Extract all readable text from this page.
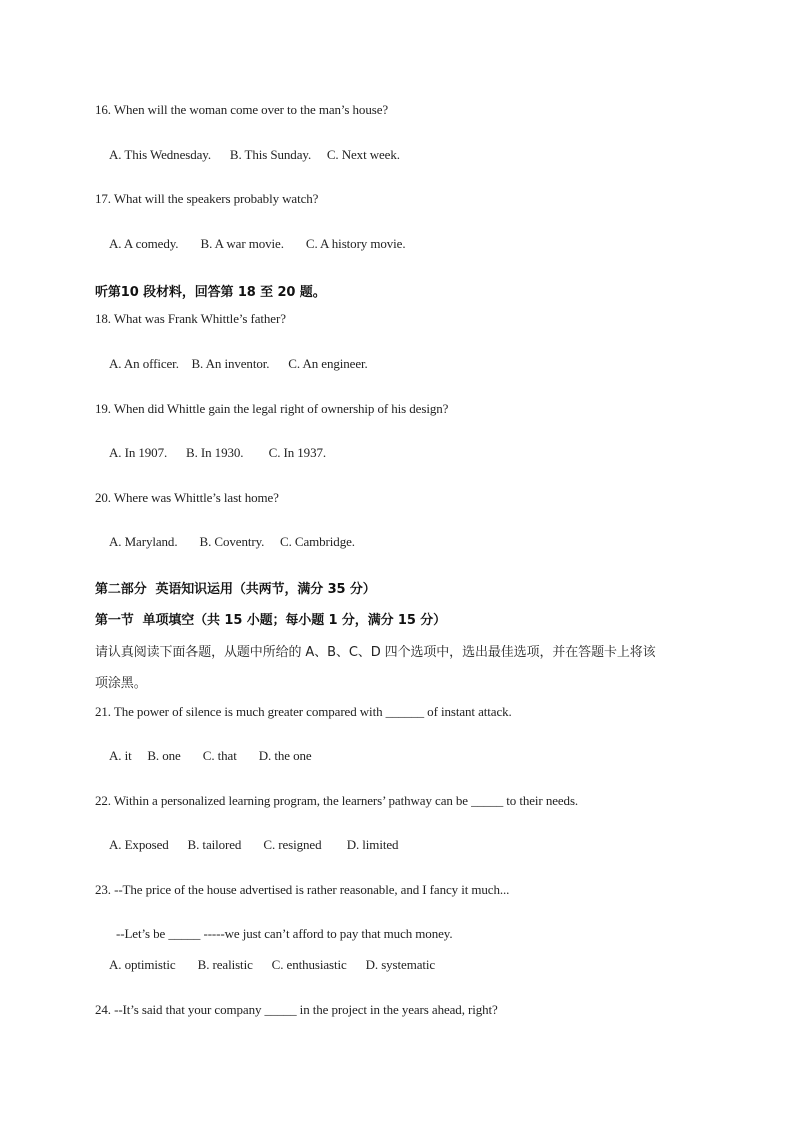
16. When will the woman come over to the man’s house?
A. This Wednesday.      B. This Sunday.     C. Next week.
17. What will the speakers probably watch?
A. A comedy.       B. A war movie.       C. A history movie.
听第10 段材料，回答第 18 至 20 题。
18. What was Frank Whittle’s father?
A. An officer.    B. An inventor.      C. An engineer.
19. When did Whittle gain the legal right of ownership of his design?
A. In 1907.      B. In 1930.        C. In 1937.
20. Where was Whittle’s last home?
A. Maryland.       B. Coventry.     C. Cambridge.
第二部分  英语知识运用（共两节，满分 35 分）
第一节  单项填空（共 15 小题；每小题 1 分，满分 15 分）
请认真阅读下面各题，从题中所给的 A、B、C、D 四个选项中，选出最佳选项，并在答题卡上将该
项涂黑。
21. The power of silence is much greater compared with ______ of instant attack.
A. it     B. one       C. that       D. the one
22. Within a personalized learning program, the learners’ pathway can be _____ to their needs.
A. Exposed      B. tailored       C. resigned        D. limited
23. --The price of the house advertised is rather reasonable, and I fancy it much...
--Let’s be _____ -----we just can’t afford to pay that much money.
A. optimistic       B. realistic      C. enthusiastic      D. systematic
24. --It’s said that your company _____ in the project in the years ahead, right?
